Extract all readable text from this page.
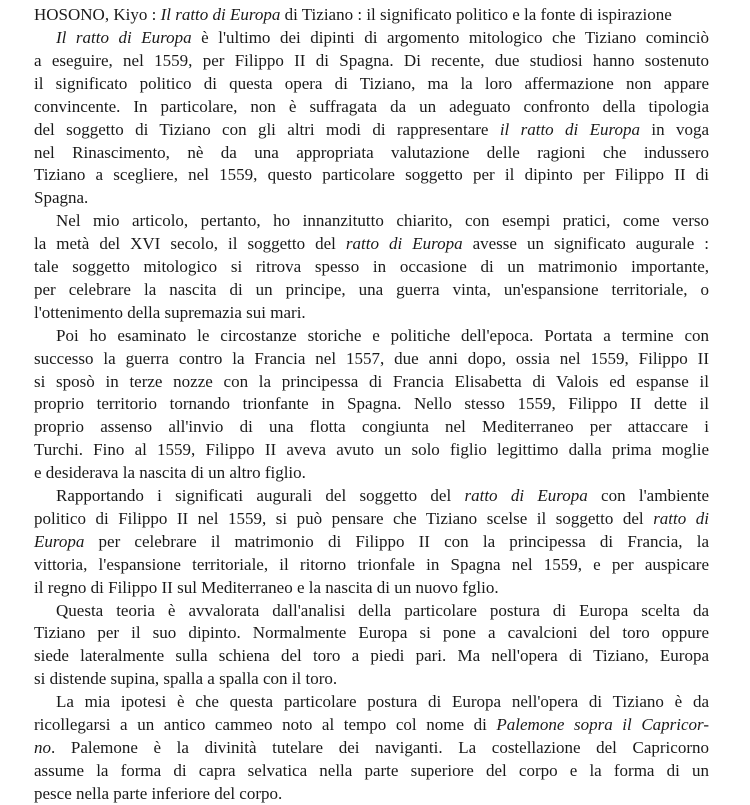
HOSONO, Kiyo : Il ratto di Europa di Tiziano : il significato politico e la fonte di ispirazione
Il ratto di Europa è l'ultimo dei dipinti di argomento mitologico che Tiziano cominciò
a eseguire, nel 1559, per Filippo II di Spagna. Di recente, due studiosi hanno sostenuto
il significato politico di questa opera di Tiziano, ma la loro affermazione non appare
convincente. In particolare, non è suffragata da un adeguato confronto della tipologia
del soggetto di Tiziano con gli altri modi di rappresentare il ratto di Europa in voga
nel Rinascimento, nè da una appropriata valutazione delle ragioni che indussero
Tiziano a scegliere, nel 1559, questo particolare soggetto per il dipinto per Filippo II di
Spagna.
Nel mio articolo, pertanto, ho innanzitutto chiarito, con esempi pratici, come verso
la metà del XVI secolo, il soggetto del ratto di Europa avesse un significato augurale :
tale soggetto mitologico si ritrova spesso in occasione di un matrimonio importante,
per celebrare la nascita di un principe, una guerra vinta, un'espansione territoriale, o
l'ottenimento della supremazia sui mari.
Poi ho esaminato le circostanze storiche e politiche dell'epoca. Portata a termine con
successo la guerra contro la Francia nel 1557, due anni dopo, ossia nel 1559, Filippo II
si sposò in terze nozze con la principessa di Francia Elisabetta di Valois ed espanse il
proprio territorio tornando trionfante in Spagna. Nello stesso 1559, Filippo II dette il
proprio assenso all'invio di una flotta congiunta nel Mediterraneo per attaccare i
Turchi. Fino al 1559, Filippo II aveva avuto un solo figlio legittimo dalla prima moglie
e desiderava la nascita di un altro figlio.
Rapportando i significati augurali del soggetto del ratto di Europa con l'ambiente
politico di Filippo II nel 1559, si può pensare che Tiziano scelse il soggetto del ratto di
Europa per celebrare il matrimonio di Filippo II con la principessa di Francia, la
vittoria, l'espansione territoriale, il ritorno trionfale in Spagna nel 1559, e per auspicare
il regno di Filippo II sul Mediterraneo e la nascita di un nuovo fglio.
Questa teoria è avvalorata dall'analisi della particolare postura di Europa scelta da
Tiziano per il suo dipinto. Normalmente Europa si pone a cavalcioni del toro oppure
siede lateralmente sulla schiena del toro a piedi pari. Ma nell'opera di Tiziano, Europa
si distende supina, spalla a spalla con il toro.
La mia ipotesi è che questa particolare postura di Europa nell'opera di Tiziano è da
ricollegarsi a un antico cammeo noto al tempo col nome di Palemone sopra il Capricor-
no. Palemone è la divinità tutelare dei naviganti. La costellazione del Capricorno
assume la forma di capra selvatica nella parte superiore del corpo e la forma di un
pesce nella parte inferiore del corpo.
